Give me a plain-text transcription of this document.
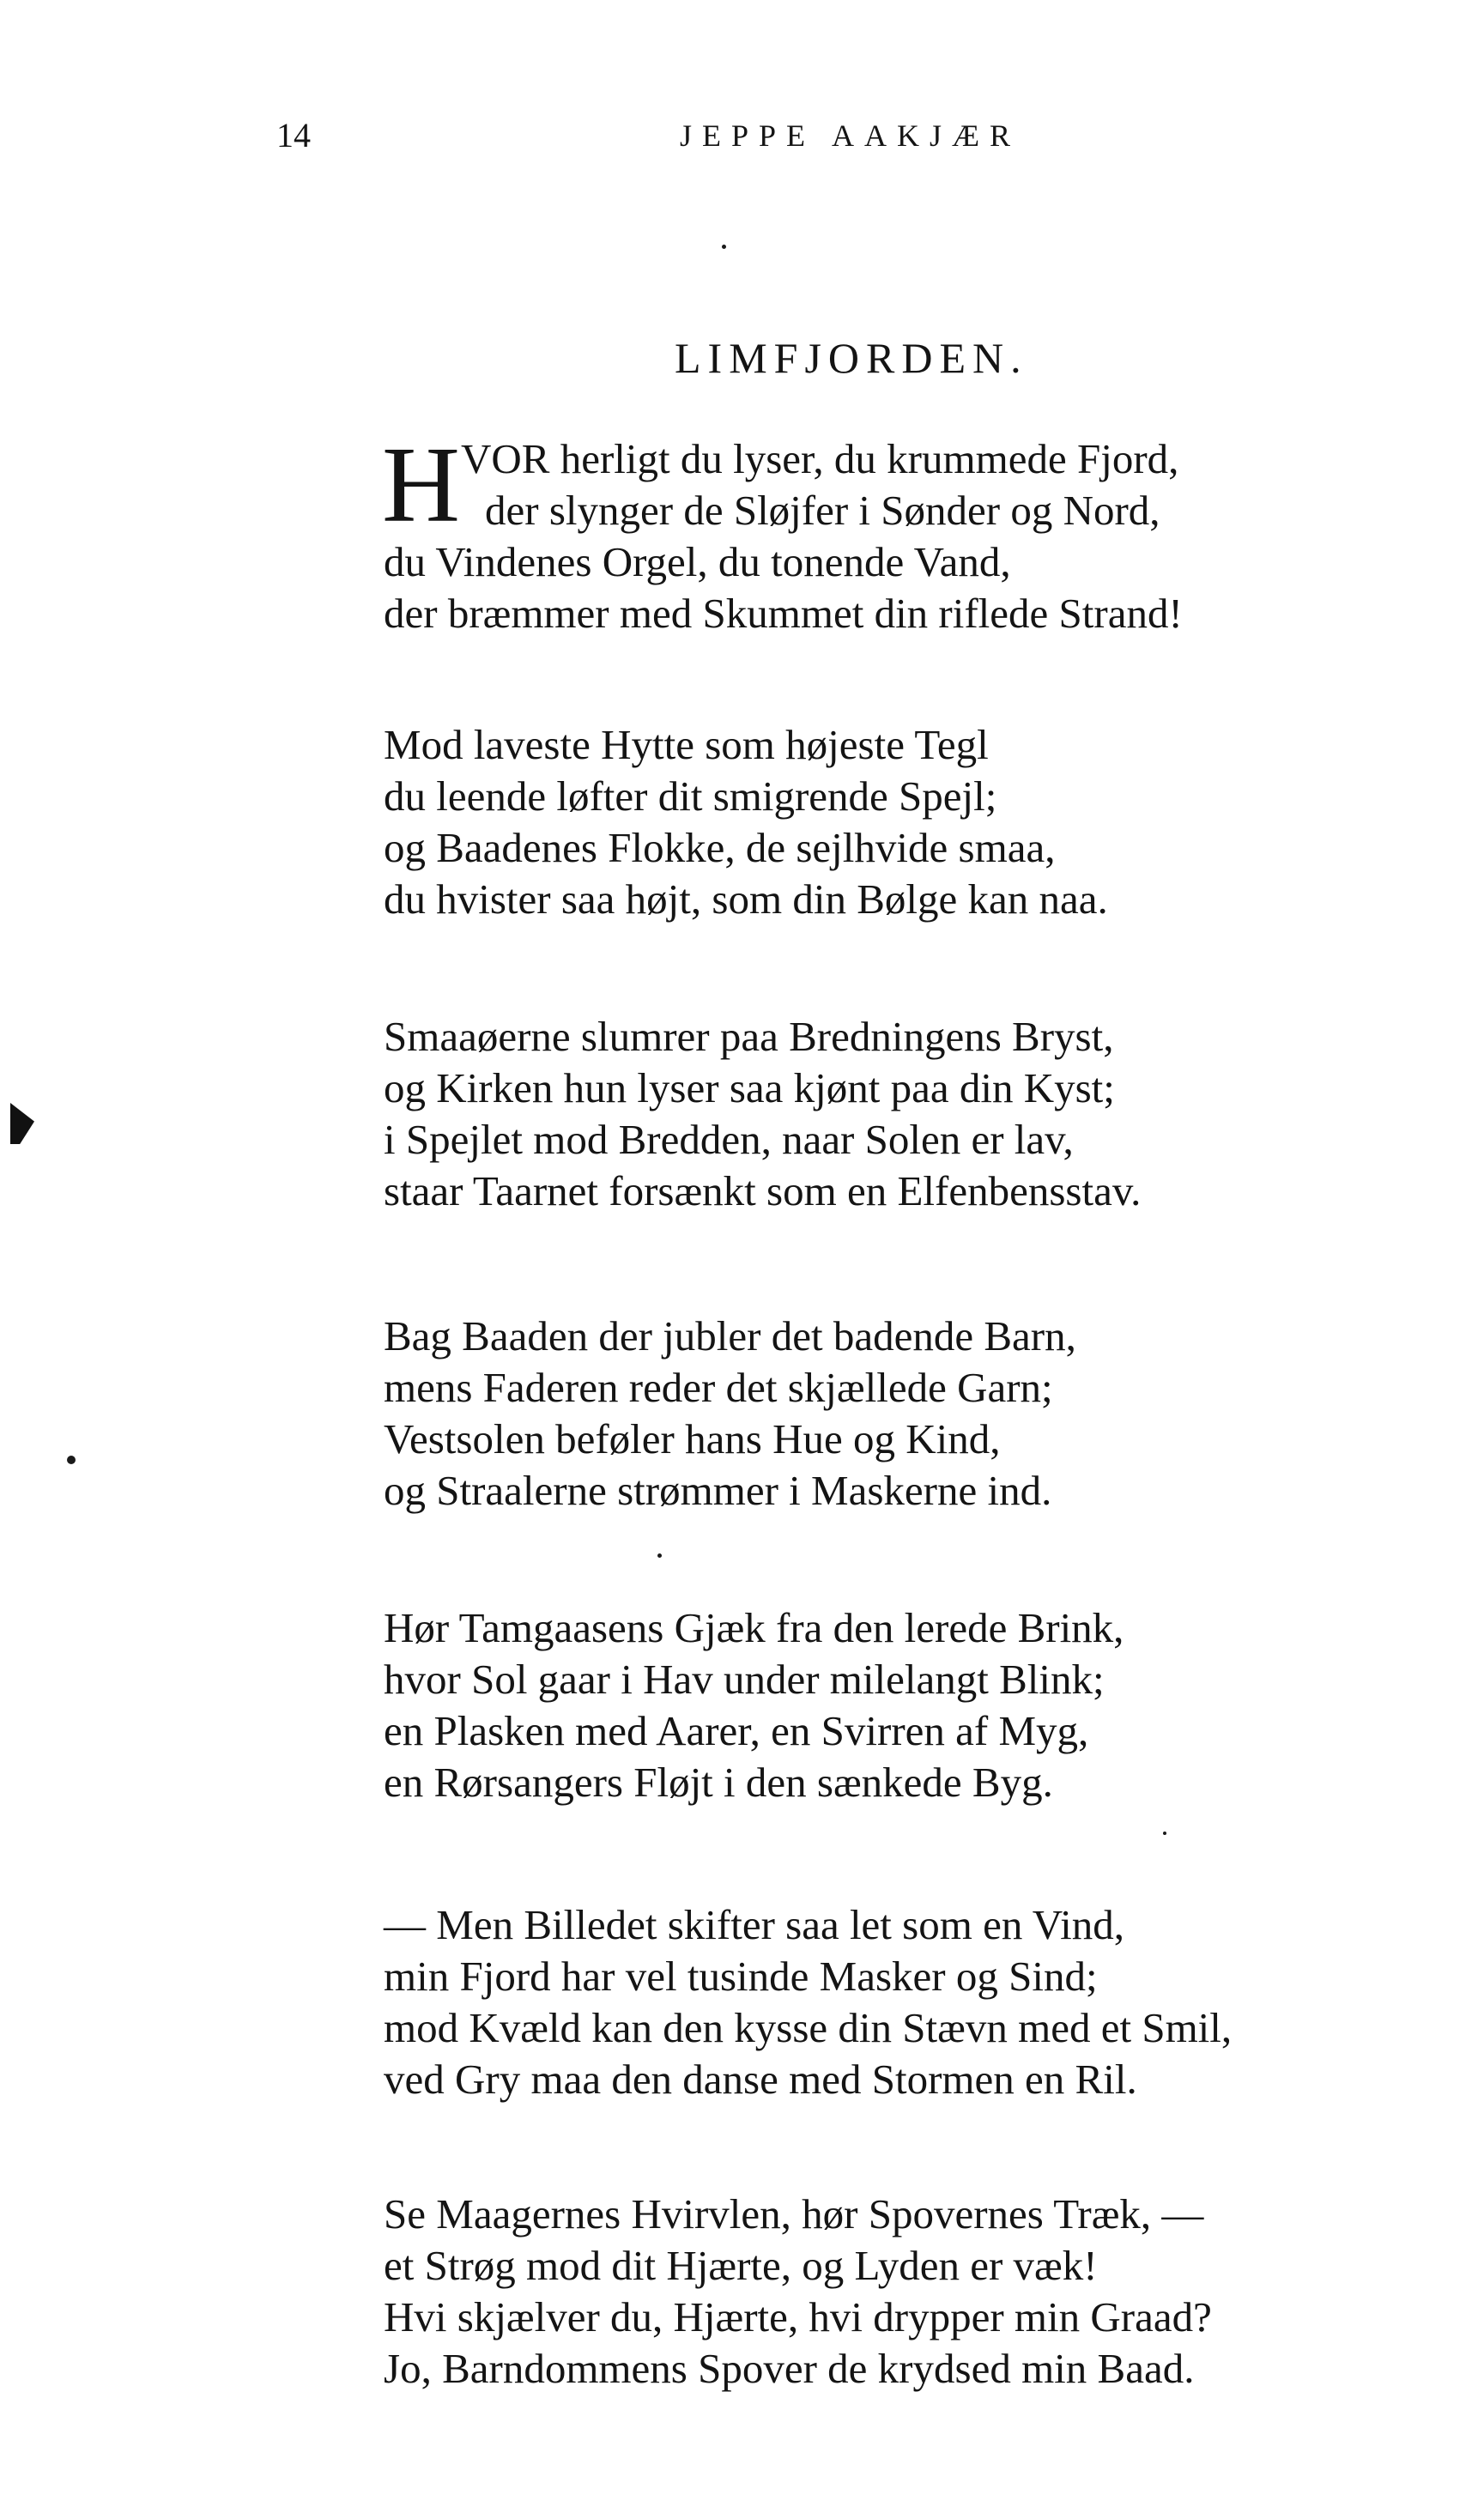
14	JEPPE AAKJÆR
LIMFJORDEN.
H VOR herligt du lyser, du krummede Fjord,
der slynger de Sløjfer i Sønder og Nord,
du Vindenes Orgel, du tonende Vand,
der bræmmer med Skummet din riflede Strand!
Mod laveste Hytte som højeste Tegl
du leende løfter dit smigrende Spejl;
og Baadenes Flokke, de sejlhvide smaa,
du hvister saa højt, som din Bølge kan naa.
Smaaøerne slumrer paa Bredningens Bryst,
og Kirken hun lyser saa kjønt paa din Kyst;
i Spejlet mod Bredden, naar Solen er lav,
staar Taarnet forsænkt som en Elfenbensstav.
Bag Baaden der jubler det badende Barn,
mens Faderen reder det skjællede Garn;
Vestsolen beføler hans Hue og Kind,
og Straalerne strømmer i Maskerne ind.
Hør Tamgaasens Gjæk fra den lerede Brink,
hvor Sol gaar i Hav under milelangt Blink;
en Plasken med Aarer, en Svirren af Myg,
en Rørsangers Fløjt i den sænkede Byg.
— Men Billedet skifter saa let som en Vind,
min Fjord har vel tusinde Masker og Sind;
mod Kvæld kan den kysse din Stævn med et Smil,
ved Gry maa den danse med Stormen en Ril.
Se Maagernes Hvirvlen, hør Spovernes Træk, —
et Strøg mod dit Hjærte, og Lyden er væk!
Hvi skjælver du, Hjærte, hvi drypper min Graad?
Jo, Barndommens Spover de krydsed min Baad.
